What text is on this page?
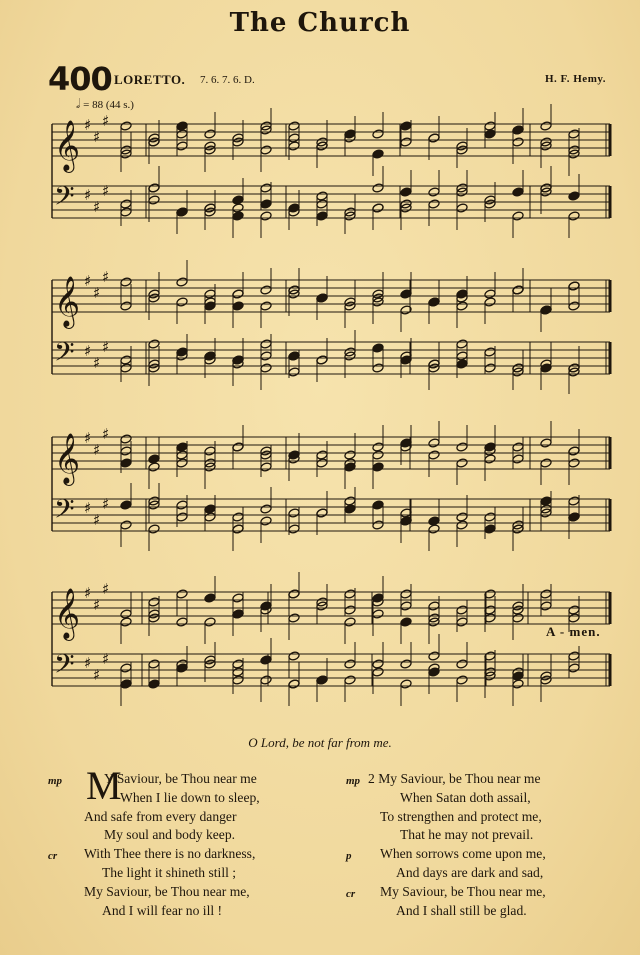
The Church
400 LORETTO. 7. 6. 7. 6. D.	H. F. Hemy.
𝅗𝅥 = 88 (44 s.)
𝄞 ♯
♯
♯
𝄢 ♯
♯
♯
𝄞 ♯
♯
♯
𝄢 ♯
♯
♯
𝄞 ♯
♯
♯
𝄢 ♯
♯
♯
𝄞 ♯
♯
♯
𝄢 ♯
♯
♯
A - men.
O Lord, be not far from me.
M
mp	Y Saviour, be Thou near me
When I lie down to sleep,
And safe from every danger
My soul and body keep.
cr With Thee there is no darkness,
The light it shineth still ;
My Saviour, be Thou near me,
And I will fear no ill !
mp 2 My Saviour, be Thou near me
When Satan doth assail,
To strengthen and protect me,
That he may not prevail.
p When sorrows come upon me,
And days are dark and sad,
cr My Saviour, be Thou near me,
And I shall still be glad.
